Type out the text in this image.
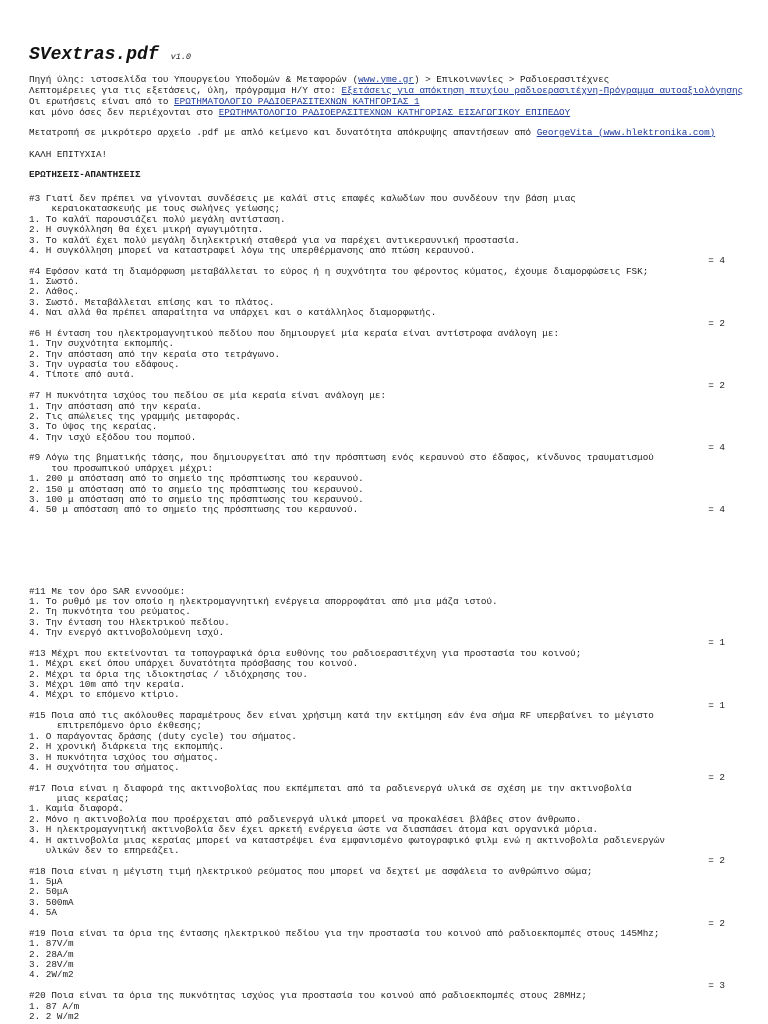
SVextras.pdf v1.0
Πηγή ύλης: ιστοσελίδα του Υπουργείου Υποδομών & Μεταφορών (www.yme.gr) > Επικοινωνίες > Ραδιοερασιτέχνες
Λεπτομέρειες για τις εξετάσεις, ύλη, πρόγραμμα Η/Υ στο: Εξετάσεις για απόκτηση πτυχίου ραδιοερασιτέχνη-Πρόγραμμα αυτοαξιολόγησης
Οι ερωτήσεις είναι από το ΕΡΩΤΗΜΑΤΟΛΟΓΙΟ ΡΑΔΙΟΕΡΑΣΙΤΕΧΝΩΝ ΚΑΤΗΓΟΡΙΑΣ 1
και μόνο όσες δεν περιέχονται στο ΕΡΩΤΗΜΑΤΟΛΟΓΙΟ ΡΑΔΙΟΕΡΑΣΙΤΕΧΝΩΝ ΚΑΤΗΓΟΡΙΑΣ ΕΙΣΑΓΩΓΙΚΟΥ ΕΠΙΠΕΔΟΥ
Μετατροπή σε μικρότερο αρχείο .pdf με απλό κείμενο και δυνατότητα απόκρυψης απαντήσεων από GeorgeVita (www.hlektronika.com)
ΚΑΛΗ ΕΠΙΤΥΧΙΑ!
ΕΡΩΤΗΣΕΙΣ-ΑΠΑΝΤΗΣΕΙΣ
#3 Γιατί δεν πρέπει να γίνονται συνδέσεις με καλάϊ στις επαφές καλωδίων που συνδέουν την βάση μιας
κεραιοκατασκευής με τους σωλήνες γείωσης;
1. Το καλάϊ παρουσιάζει πολύ μεγάλη αντίσταση.
2. Η συγκόλληση θα έχει μικρή αγωγιμότητα.
3. Το καλάϊ έχει πολύ μεγάλη διηλεκτρική σταθερά για να παρέχει αντικεραυνική προστασία.
4. Η συγκόλληση μπορεί να καταστραφεί λόγω της υπερθέρμανσης από πτώση κεραυνού.
= 4
#4 Εφόσον κατά τη διαμόρφωση μεταβάλλεται το εύρος ή η συχνότητα του φέροντος κύματος, έχουμε διαμορφώσεις FSK;
1. Σωστό.
2. Λάθος.
3. Σωστό. Μεταβάλλεται επίσης και το πλάτος.
4. Ναι αλλά θα πρέπει απαραίτητα να υπάρχει και ο κατάλληλος διαμορφωτής.
= 2
#6 Η ένταση του ηλεκτρομαγνητικού πεδίου που δημιουργεί μία κεραία είναι αντίστροφα ανάλογη με:
1. Την συχνότητα εκπομπής.
2. Την απόσταση από την κεραία στο τετράγωνο.
3. Την υγρασία του εδάφους.
4. Τίποτε από αυτά.
= 2
#7 Η πυκνότητα ισχύος του πεδίου σε μία κεραία είναι ανάλογη με:
1. Την απόσταση από την κεραία.
2. Τις απώλειες της γραμμής μεταφοράς.
3. Το ύψος της κεραίας.
4. Την ισχύ εξόδου του πομπού.
= 4
#9 Λόγω της βηματικής τάσης, που δημιουργείται από την πρόσπτωση ενός κεραυνού στο έδαφος, κίνδυνος τραυματισμού
του προσωπικού υπάρχει μέχρι:
1. 200 μ απόσταση από το σημείο της πρόσπτωσης του κεραυνού.
2. 150 μ απόσταση από το σημείο της πρόσπτωσης του κεραυνού.
3. 100 μ απόσταση από το σημείο της πρόσπτωσης του κεραυνού.
4. 50 μ απόσταση από το σημείο της πρόσπτωσης του κεραυνού.	= 4
#11 Με τον όρο SAR εννοούμε:
1. Το ρυθμό με τον οποίο η ηλεκτρομαγνητική ενέργεια απορροφάται από μια μάζα ιστού.
2. Τη πυκνότητα του ρεύματος.
3. Την ένταση του Ηλεκτρικού πεδίου.
4. Την ενεργό ακτινοβολούμενη ισχύ.
= 1
#13 Μέχρι που εκτείνονται τα τοπογραφικά όρια ευθύνης του ραδιοερασιτέχνη για προστασία του κοινού;
1. Μέχρι εκεί όπου υπάρχει δυνατότητα πρόσβασης του κοινού.
2. Μέχρι τα όρια της ιδιοκτησίας / ιδιόχρησης του.
3. Μέχρι 10m από την κεραία.
4. Μέχρι το επόμενο κτίριο.
= 1
#15 Ποια από τις ακόλουθες παραμέτρους δεν είναι χρήσιμη κατά την εκτίμηση εάν ένα σήμα RF υπερβαίνει το μέγιστο
επιτρεπόμενο όριο έκθεσης;
1. Ο παράγοντας δράσης (duty cycle) του σήματος.
2. Η χρονική διάρκεια της εκπομπής.
3. Η πυκνότητα ισχύος του σήματος.
4. Η συχνότητα του σήματος.
= 2
#17 Ποια είναι η διαφορά της ακτινοβολίας που εκπέμπεται από τα ραδιενεργά υλικά σε σχέση με την ακτινοβολία
μιας κεραίας;
1. Καμία διαφορά.
2. Μόνο η ακτινοβολία που προέρχεται από ραδιενεργά υλικά μπορεί να προκαλέσει βλάβες στον άνθρωπο.
3. Η ηλεκτρομαγνητική ακτινοβολία δεν έχει αρκετή ενέργεια ώστε να διασπάσει άτομα και οργανικά μόρια.
4. Η ακτινοβολία μιας κεραίας μπορεί να καταστρέψει ένα εμφανισμένο φωτογραφικό φιλμ ενώ η ακτινοβολία ραδιενεργών
υλικών δεν το επηρεάζει.
= 2
#18 Ποια είναι η μέγιστη τιμή ηλεκτρικού ρεύματος που μπορεί να δεχτεί με ασφάλεια το ανθρώπινο σώμα;
1. 5μA
2. 50μA
3. 500mA
4. 5A
= 2
#19 Ποια είναι τα όρια της έντασης ηλεκτρικού πεδίου για την προστασία του κοινού από ραδιοεκπομπές στους 145Mhz;
1. 87V/m
2. 28A/m
3. 28V/m
4. 2W/m2
= 3
#20 Ποια είναι τα όρια της πυκνότητας ισχύος για προστασία του κοινού από ραδιοεκπομπές στους 28MHz;
1. 87 A/m
2. 2 W/m2
